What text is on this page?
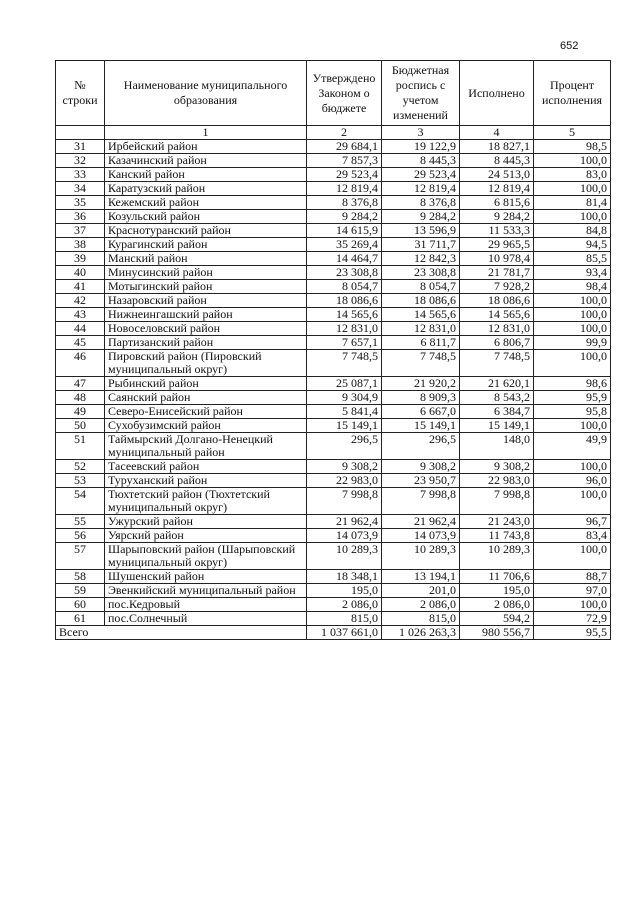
652
№ строки	Наименование муниципального образования	Утверждено Законом о бюджете	Бюджетная роспись с учетом изменений	Исполнено	Процент исполнения
	1	2	3	4	5
31	Ирбейский район	29 684,1	19 122,9	18 827,1	98,5
32	Казачинский район	7 857,3	8 445,3	8 445,3	100,0
33	Канский район	29 523,4	29 523,4	24 513,0	83,0
34	Каратузский район	12 819,4	12 819,4	12 819,4	100,0
35	Кежемский район	8 376,8	8 376,8	6 815,6	81,4
36	Козульский район	9 284,2	9 284,2	9 284,2	100,0
37	Краснотуранский район	14 615,9	13 596,9	11 533,3	84,8
38	Курагинский район	35 269,4	31 711,7	29 965,5	94,5
39	Манский район	14 464,7	12 842,3	10 978,4	85,5
40	Минусинский район	23 308,8	23 308,8	21 781,7	93,4
41	Мотыгинский район	8 054,7	8 054,7	7 928,2	98,4
42	Назаровский район	18 086,6	18 086,6	18 086,6	100,0
43	Нижнеингашский район	14 565,6	14 565,6	14 565,6	100,0
44	Новоселовский район	12 831,0	12 831,0	12 831,0	100,0
45	Партизанский район	7 657,1	6 811,7	6 806,7	99,9
46	Пировский район (Пировский муниципальный округ)	7 748,5	7 748,5	7 748,5	100,0
47	Рыбинский район	25 087,1	21 920,2	21 620,1	98,6
48	Саянский район	9 304,9	8 909,3	8 543,2	95,9
49	Северо-Енисейский район	5 841,4	6 667,0	6 384,7	95,8
50	Сухобузимский район	15 149,1	15 149,1	15 149,1	100,0
51	Таймырский Долгано-Ненецкий муниципальный район	296,5	296,5	148,0	49,9
52	Тасеевский район	9 308,2	9 308,2	9 308,2	100,0
53	Туруханский район	22 983,0	23 950,7	22 983,0	96,0
54	Тюхтетский район (Тюхтетский муниципальный округ)	7 998,8	7 998,8	7 998,8	100,0
55	Ужурский район	21 962,4	21 962,4	21 243,0	96,7
56	Уярский район	14 073,9	14 073,9	11 743,8	83,4
57	Шарыповский район (Шарыповский муниципальный округ)	10 289,3	10 289,3	10 289,3	100,0
58	Шушенский район	18 348,1	13 194,1	11 706,6	88,7
59	Эвенкийский муниципальный район	195,0	201,0	195,0	97,0
60	пос.Кедровый	2 086,0	2 086,0	2 086,0	100,0
61	пос.Солнечный	815,0	815,0	594,2	72,9
Всего		1 037 661,0	1 026 263,3	980 556,7	95,5
